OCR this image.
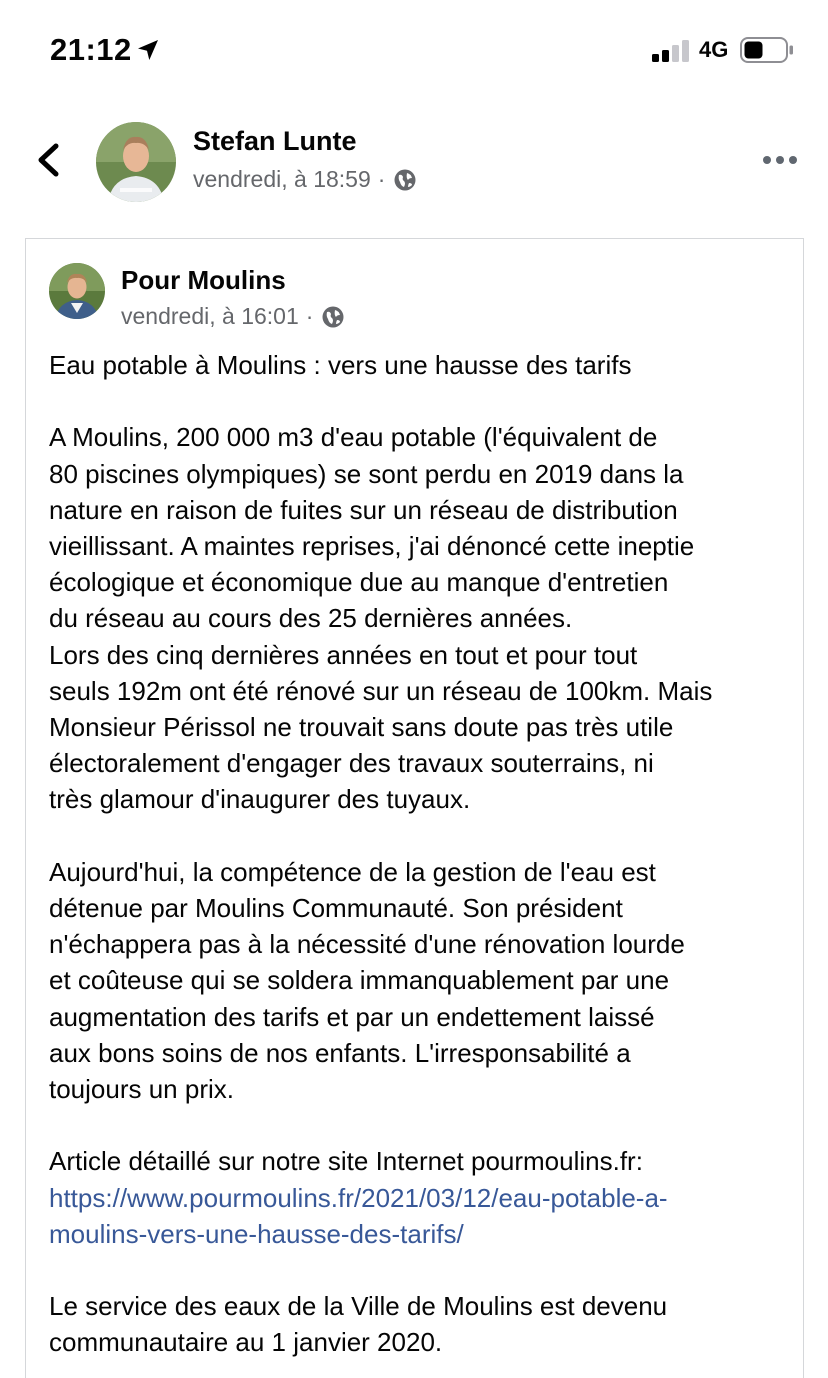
21:12	4G
Stefan Lunte
vendredi, à 18:59 ·
Pour Moulins
vendredi, à 16:01 ·

Eau potable à Moulins : vers une hausse des tarifs

A Moulins, 200 000 m3 d'eau potable (l'équivalent de

80 piscines olympiques) se sont perdu en 2019 dans la

nature en raison de fuites sur un réseau de distribution

vieillissant. A maintes reprises, j'ai dénoncé cette ineptie

écologique et économique due au manque d'entretien

du réseau au cours des 25 dernières années.

Lors des cinq dernières années en tout et pour tout

seuls 192m ont été rénové sur un réseau de 100km. Mais

Monsieur Périssol ne trouvait sans doute pas très utile

électoralement d'engager des travaux souterrains, ni

très glamour d'inaugurer des tuyaux.

Aujourd'hui, la compétence de la gestion de l'eau est

détenue par Moulins Communauté. Son président

n'échappera pas à la nécessité d'une rénovation lourde

et coûteuse qui se soldera immanquablement par une

augmentation des tarifs et par un endettement laissé

aux bons soins de nos enfants. L'irresponsabilité a

toujours un prix.

Article détaillé sur notre site Internet pourmoulins.fr:

https://www.pourmoulins.fr/2021/03/12/eau-potable-a-

moulins-vers-une-hausse-des-tarifs/

Le service des eaux de la Ville de Moulins est devenu

communautaire au 1 janvier 2020.
